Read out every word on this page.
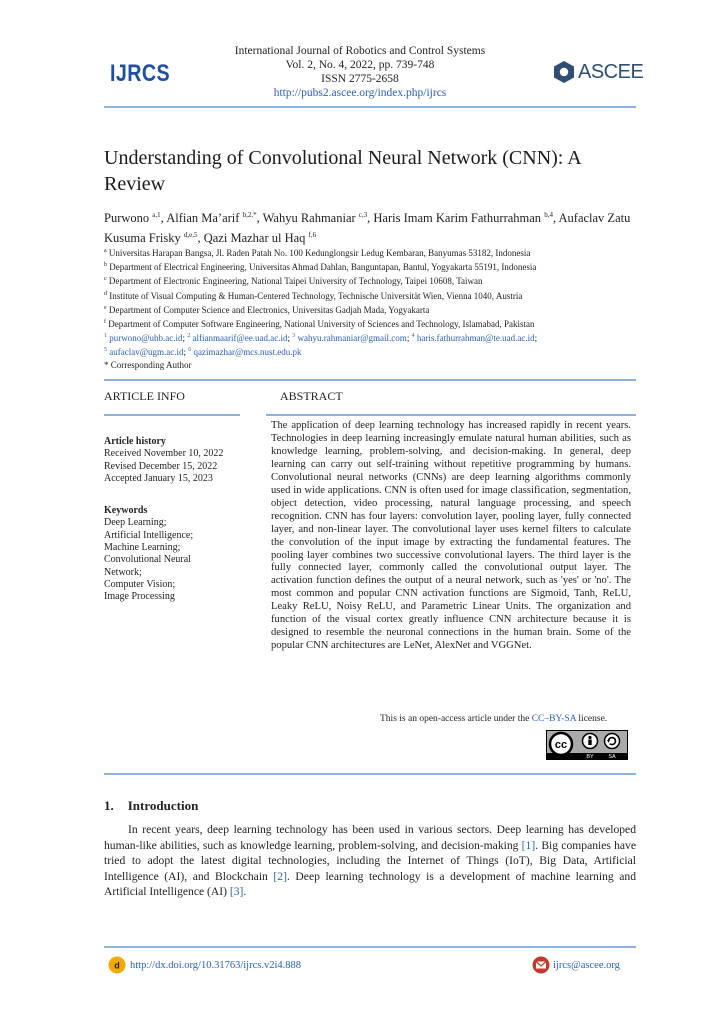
IJRCS
International Journal of Robotics and Control Systems
Vol. 2, No. 4, 2022, pp. 739-748
ISSN 2775-2658
http://pubs2.ascee.org/index.php/ijrcs
ASCEE
Understanding of Convolutional Neural Network (CNN): A Review
Purwono $^{a,1}$, Alfian Ma’arif $^{b,2,*}$, Wahyu Rahmaniar $^{c,3}$, Haris Imam Karim Fathurrahman $^{b,4}$, Aufaclav Zatu Kusuma Frisky $^{d,e,5}$, Qazi Mazhar ul Haq $^{f,6}$
$^a$ Universitas Harapan Bangsa, Jl. Raden Patah No. 100 Kedunglongsir Ledug Kembaran, Banyumas 53182, Indonesia
$^b$ Department of Electrical Engineering, Universitas Ahmad Dahlan, Banguntapan, Bantul, Yogyakarta 55191, Indonesia
$^c$ Department of Electronic Engineering, National Taipei University of Technology, Taipei 10608, Taiwan
$^d$ Institute of Visual Computing & Human-Centered Technology, Technische Universität Wien, Vienna 1040, Austria
$^e$ Department of Computer Science and Electronics, Universitas Gadjah Mada, Yogyakarta
$^f$ Department of Computer Software Engineering, National University of Sciences and Technology, Islamabad, Pakistan
$^1$ purwono@uhb.ac.id; $^2$ alfianmaarif@ee.uad.ac.id; $^3$ wahyu.rahmaniar@gmail.com; $^4$ haris.fathurrahman@te.uad.ac.id;
$^5$ aufaclav@ugm.ac.id; $^6$ qazimazhar@mcs.nust.edu.pk
* Corresponding Author
ARTICLE INFO	ABSTRACT
Article history
Received November 10, 2022
Revised December 15, 2022
Accepted January 15, 2023
Keywords
Deep Learning;
Artificial Intelligence;
Machine Learning;
Convolutional Neural
Network;
Computer Vision;
Image Processing
The application of deep learning technology has increased rapidly in recent years. Technologies in deep learning increasingly emulate natural human abilities, such as knowledge learning, problem-solving, and decision-making. In general, deep learning can carry out self-training without repetitive programming by humans. Convolutional neural networks (CNNs) are deep learning algorithms commonly used in wide applications. CNN is often used for image classification, segmentation, object detection, video processing, natural language processing, and speech recognition. CNN has four layers: convolution layer, pooling layer, fully connected layer, and non-linear layer. The convolutional layer uses kernel filters to calculate the convolution of the input image by extracting the fundamental features. The pooling layer combines two successive convolutional layers. The third layer is the fully connected layer, commonly called the convolutional output layer. The activation function defines the output of a neural network, such as 'yes' or 'no'. The most common and popular CNN activation functions are Sigmoid, Tanh, ReLU, Leaky ReLU, Noisy ReLU, and Parametric Linear Units. The organization and function of the visual cortex greatly influence CNN architecture because it is designed to resemble the neuronal connections in the human brain. Some of the popular CNN architectures are LeNet, AlexNet and VGGNet.
This is an open-access article under the CC–BY-SA license.
cc
BY	SA
1. Introduction
In recent years, deep learning technology has been used in various sectors. Deep learning has developed human-like abilities, such as knowledge learning, problem-solving, and decision-making [1]. Big companies have tried to adopt the latest digital technologies, including the Internet of Things (IoT), Big Data, Artificial Intelligence (AI), and Blockchain [2]. Deep learning technology is a development of machine learning and Artificial Intelligence (AI) [3].
d http://dx.doi.org/10.31763/ijrcs.v2i4.888	ijrcs@ascee.org
